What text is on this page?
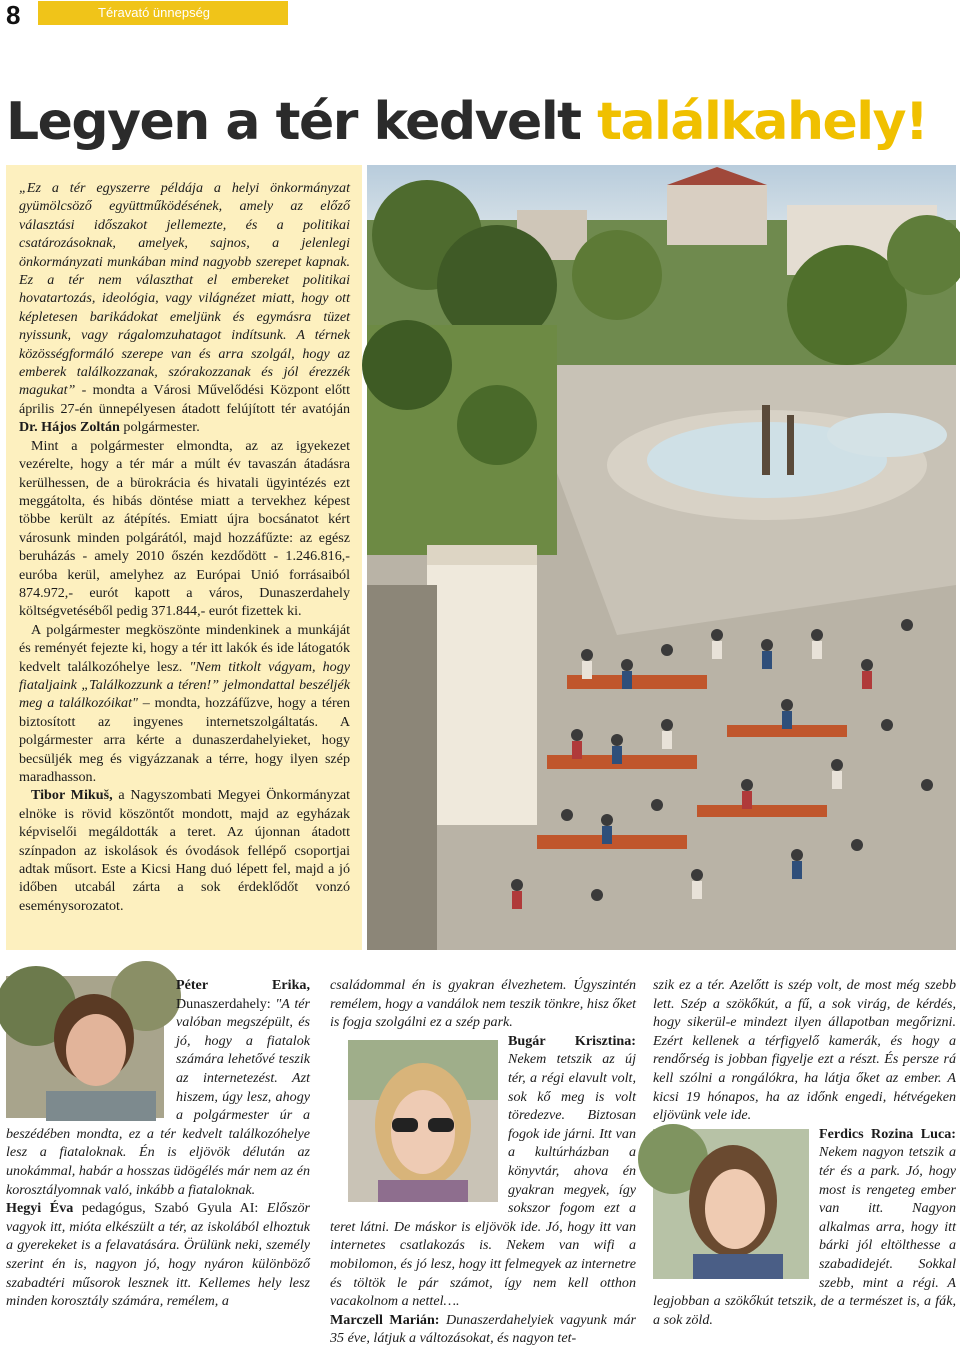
8	Téravató ünnepség
Legyen a tér kedvelt találkahely!

„Ez a tér egyszerre példája a helyi önkormányzat gyümölcsöző együttműködésének, amely az előző választási időszakot jellemezte, és a politikai csatározásoknak, amelyek, sajnos, a jelenlegi önkormányzati munkában mind nagyobb szerepet kapnak. Ez a tér nem választhat el embereket politikai hovatartozás, ideológia, vagy világnézet miatt, hogy ott képletesen barikádokat emeljünk és egymásra tüzet nyissunk, vagy rágalomzuhatagot indítsunk. A térnek közösségformáló szerepe van és arra szolgál, hogy az emberek találkozzanak, szórakozzanak és jól érezzék magukat” - mondta a Városi Művelődési Központ előtt április 27-én ünnepélyesen átadott felújított tér avatóján Dr. Hájos Zoltán polgármester.

Mint a polgármester elmondta, az az igyekezet vezérelte, hogy a tér már a múlt év tavaszán átadásra kerülhessen, de a bürokrácia és hivatali ügyintézés ezt meggátolta, és hibás döntése miatt a tervekhez képest többe került az átépítés. Emiatt újra bocsánatot kért városunk minden polgárától, majd hozzáfűzte: az egész beruházás - amely 2010 őszén kezdődött - 1.246.816,- euróba kerül, amelyhez az Európai Unió forrásaiból 874.972,- eurót kapott a város, Dunaszerdahely költségvetéséből pedig 371.844,- eurót fizettek ki.

A polgármester megköszönte mindenkinek a munkáját és reményét fejezte ki, hogy a tér itt lakók és ide látogatók kedvelt találkozóhelye lesz. "Nem titkolt vágyam, hogy fiataljaink „Találkozzunk a téren!” jelmondattal beszéljék meg a találkozóikat" – mondta, hozzáfűzve, hogy a téren biztosított az ingyenes internetszolgáltatás. A polgármester arra kérte a dunaszerdahelyieket, hogy becsüljék meg és vigyázzanak a térre, hogy ilyen szép maradhasson.

Tibor Mikuš, a Nagyszombati Megyei Önkormányzat elnöke is rövid köszöntőt mondott, majd az egyházak képviselői megáldották a teret. Az újonnan átadott színpadon az iskolások és óvodások fellépő csoportjai adtak műsort. Este a Kicsi Hang duó lépett fel, majd a jó időben utcabál zárta a sok érdeklődőt vonzó eseménysorozatot.

Péter Erika, Dunaszerdahely: "A tér valóban megszépült, és jó, hogy a fiatalok számára lehetővé teszik az internetezést. Azt hiszem, úgy lesz, ahogy a polgármester úr a beszédében mondta, ez a tér kedvelt találkozóhelye lesz a fiataloknak. Én is eljövök délután az unokámmal, habár a hosszas üdögélés már nem az én korosztályomnak való, inkább a fiataloknak.

Hegyi Éva pedagógus, Szabó Gyula AI: Először vagyok itt, mióta elkészült a tér, az iskolából elhoztuk a gyerekeket is a felavatására. Örülünk neki, személy szerint én is, nagyon jó, hogy nyáron különböző szabadtéri műsorok lesznek itt. Kellemes hely lesz minden korosztály számára, remélem, a

családommal én is gyakran élvezhetem. Úgyszintén remélem, hogy a vandálok nem teszik tönkre, hisz őket is fogja szolgálni ez a szép park.

Bugár Krisztina: Nekem tetszik az új tér, a régi elavult volt, sok kő meg is volt töredezve. Biztosan fogok ide járni. Itt van a kultúrházban a könyvtár, ahova én gyakran megyek, így sokszor fogom ezt a teret látni. De máskor is eljövök ide. Jó, hogy itt van internetes csatlakozás is. Nekem van wifi a mobilomon, és jó lesz, hogy itt felmegyek az internetre és töltök le pár számot, így nem kell otthon vacakolnom a nettel….

Marczell Marián: Dunaszerdahelyiek vagyunk már 35 éve, látjuk a változásokat, és nagyon tet-

szik ez a tér. Azelőtt is szép volt, de most még szebb lett. Szép a szökőkút, a fű, a sok virág, de kérdés, hogy sikerül-e mindezt ilyen állapotban megőrizni. Ezért kellenek a térfigyelő kamerák, és hogy a rendőrség is jobban figyelje ezt a részt. És persze rá kell szólni a rongálókra, ha látja őket az ember. A kicsi 19 hónapos, ha az időnk engedi, hétvégeken eljövünk vele ide.

Ferdics Rozina Luca: Nekem nagyon tetszik a tér és a park. Jó, hogy most is rengeteg ember van itt. Nagyon alkalmas arra, hogy itt bárki jól eltölthesse a szabadidejét. Sokkal szebb, mint a régi. A legjobban a szökőkút tetszik, de a természet is, a fák, a sok zöld.
